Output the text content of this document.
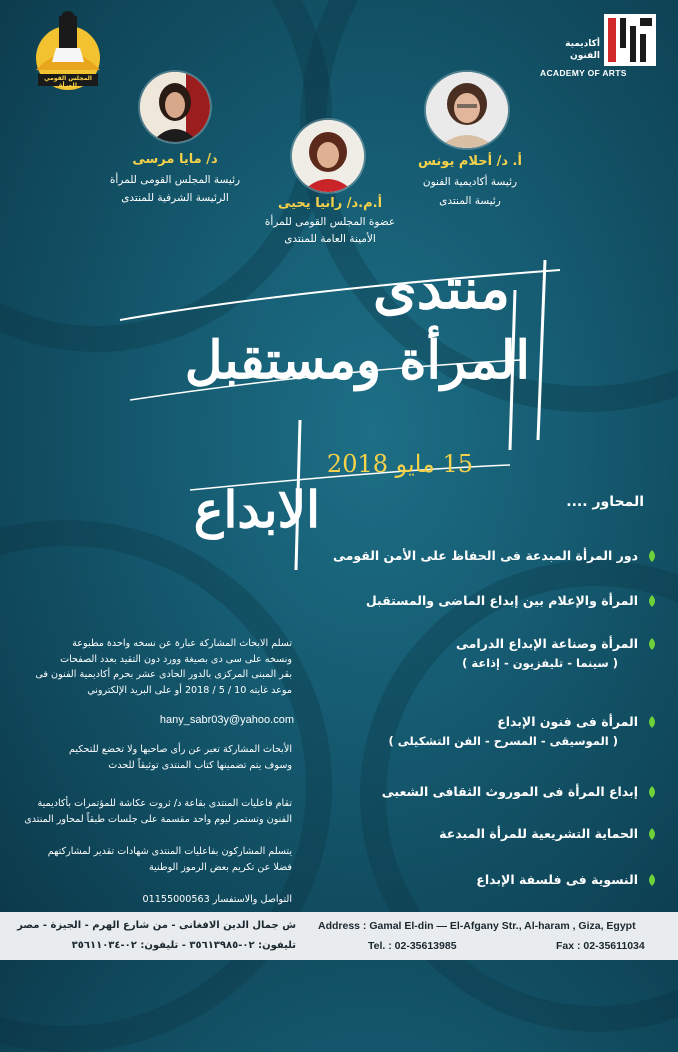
المجلس القومي للمرأة
أكاديمية الفنون
ACADEMY OF ARTS
د/ مايا مرسى
رئيسة المجلس القومى للمرأة
الرئيسة الشرفية للمنتدى	أ.م.د/ رانيا يحيى
عضوة المجلس القومى للمرأة
الأمينة العامة للمنتدى
أ. د/ أحلام يونس
رئيسة أكاديمية الفنون
رئيسة المنتدى
منتدى
المرأة ومستقبل
الابداع
15 مايو 2018
المحاور ....
دور المرأة المبدعة فى الحفاظ على الأمن القومى
المرأة والإعلام بين إبداع الماضى والمستقبل
المرأة وصناعة الإبداع الدرامى
( سينما - تليفزيون - إذاعة )
المرأة فى فنون الإبداع
( الموسيقى - المسرح - الفن التشكيلى )
إبداع المرأة فى الموروث الثقافى الشعبى
الحماية التشريعية للمرأة المبدعة
النسوية فى فلسفة الإبداع
تسلم الابحاث المشاركة عبارة عن نسخه واحدة مطبوعة
ونسخه على سى دى بصيغة وورد دون التقيد بعدد الصفحات
بقر المبنى المركزى بالدور الحادى عشر بحرم أكاديمية الفنون فى
موعد غايته 10 / 5 / 2018 أو على البريد الإلكتروني
hany_sabr03y@yahoo.com
الأبحاث المشاركة تعبر عن رأى صاحبها ولا تخضع للتحكيم
وسوف يتم تضمينها كتاب المنتدى توثيقاً للحدث
تقام فاعليات المنتدى بقاعة د/ ثروت عكاشة للمؤتمرات بأكاديمية
الفنون وتستمر ليوم واحد مقسمة على جلسات طبقاً لمحاور المنتدى
يتسلم المشاركون بفاعليات المنتدى شهادات تقدير لمشاركتهم
فضلا عن تكريم بعض الرموز الوطنية
التواصل والاستفسار 01155000563
ش جمال الدين الافغانى - من شارع الهرم - الجيزة - مصر
تليفون: ٠٢-٣٥٦١٣٩٨٥ - تليفون: ٠٢-٣٥٦١١٠٣٤
Address : Gamal El-din — El-Afgany Str., Al-haram , Giza, Egypt
Tel. : 02-35613985	Fax : 02-35611034
